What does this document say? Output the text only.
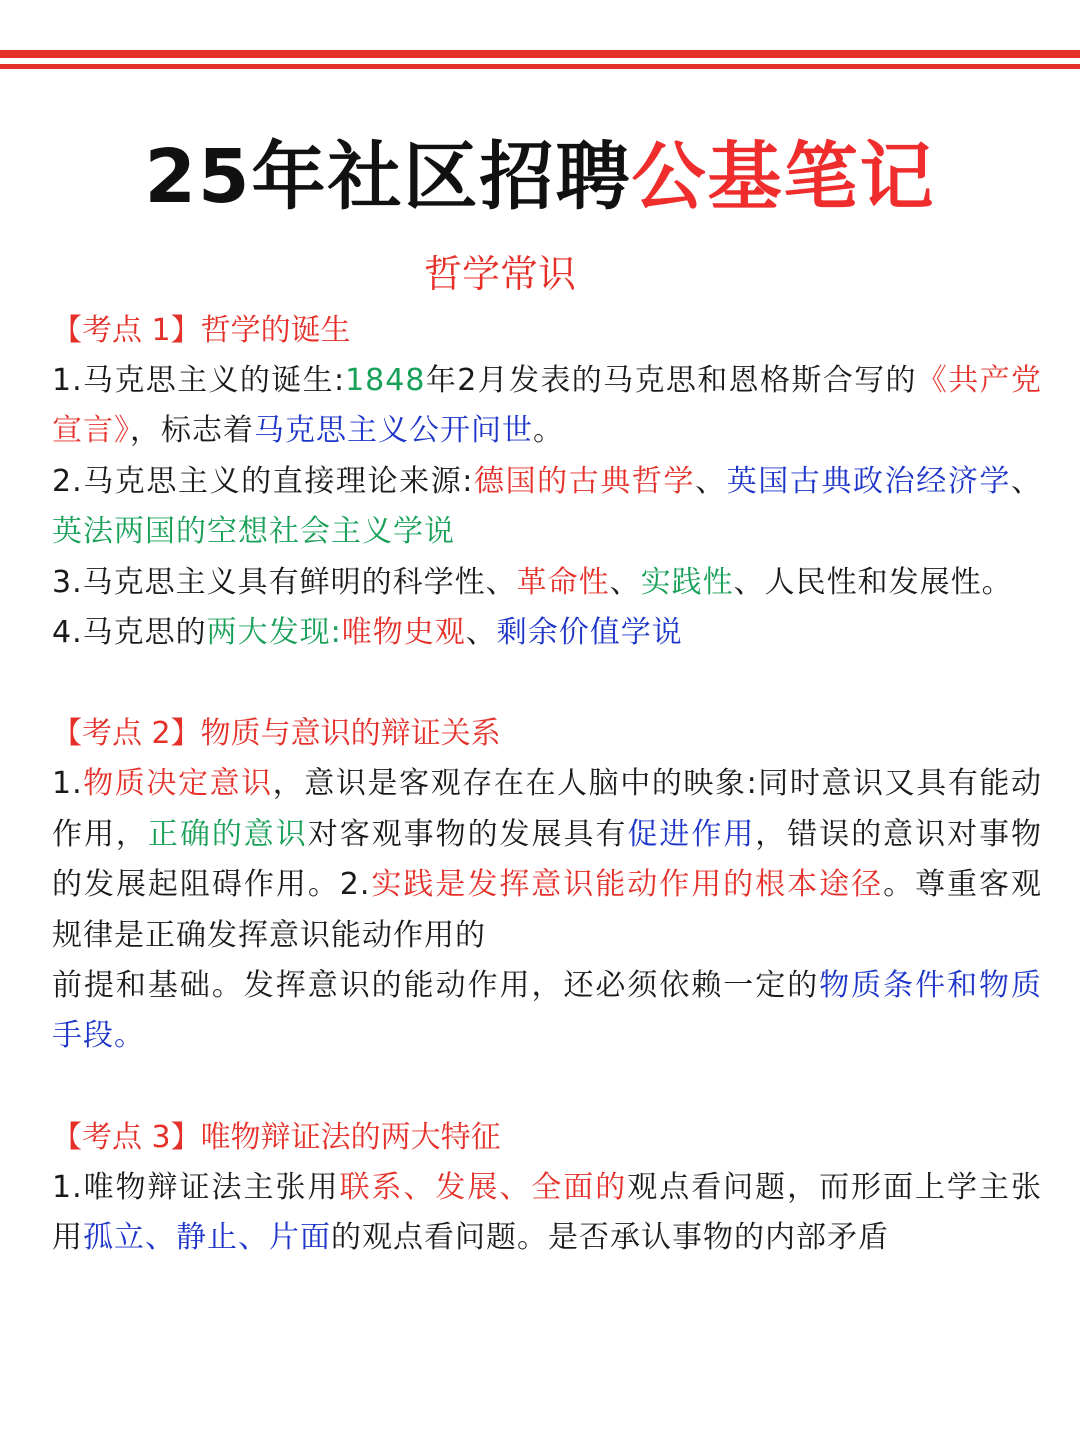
25年社区招聘公基笔记
哲学常识
【考点 1】哲学的诞生
1.马克思主义的诞生:1848年2月发表的马克思和恩格斯合写的《共产党宣言》，标志着马克思主义公开问世。
2.马克思主义的直接理论来源:德国的古典哲学、英国古典政治经济学、英法两国的空想社会主义学说
3.马克思主义具有鲜明的科学性、革命性、实践性、人民性和发展性。
4.马克思的两大发现:唯物史观、剩余价值学说
【考点 2】物质与意识的辩证关系
1.物质决定意识，意识是客观存在在人脑中的映象:同时意识又具有能动作用，正确的意识对客观事物的发展具有促进作用，错误的意识对事物的发展起阻碍作用。2.实践是发挥意识能动作用的根本途径。尊重客观规律是正确发挥意识能动作用的
前提和基础。发挥意识的能动作用，还必须依赖一定的物质条件和物质手段。
【考点 3】唯物辩证法的两大特征
1.唯物辩证法主张用联系、发展、全面的观点看问题，而形面上学主张用孤立、静止、片面的观点看问题。是否承认事物的内部矛盾
